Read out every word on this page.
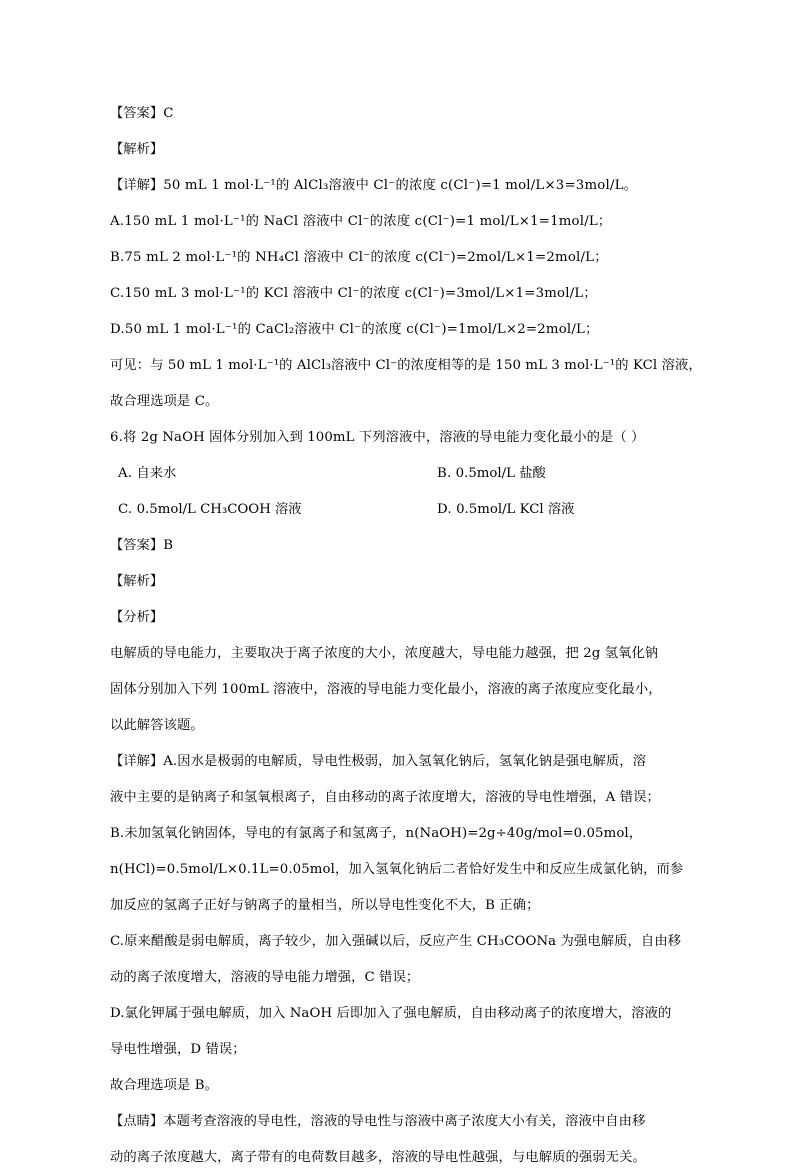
【答案】C
【解析】
【详解】50 mL 1 mol·L⁻¹的 AlCl₃溶液中 Cl⁻的浓度 c(Cl⁻)=1 mol/L×3=3mol/L。
A.150 mL 1 mol·L⁻¹的 NaCl 溶液中 Cl⁻的浓度 c(Cl⁻)=1 mol/L×1=1mol/L；
B.75 mL 2 mol·L⁻¹的 NH₄Cl 溶液中 Cl⁻的浓度 c(Cl⁻)=2mol/L×1=2mol/L；
C.150 mL 3 mol·L⁻¹的 KCl 溶液中 Cl⁻的浓度 c(Cl⁻)=3mol/L×1=3mol/L；
D.50 mL 1 mol·L⁻¹的 CaCl₂溶液中 Cl⁻的浓度 c(Cl⁻)=1mol/L×2=2mol/L；
可见：与 50 mL 1 mol·L⁻¹的 AlCl₃溶液中 Cl⁻的浓度相等的是 150 mL 3 mol·L⁻¹的 KCl 溶液，
故合理选项是 C。
6.将 2g NaOH 固体分别加入到 100mL 下列溶液中，溶液的导电能力变化最小的是（ ）
A. 自来水	B. 0.5mol/L 盐酸
C. 0.5mol/L CH₃COOH 溶液	D. 0.5mol/L KCl 溶液
【答案】B
【解析】
【分析】
电解质的导电能力，主要取决于离子浓度的大小，浓度越大，导电能力越强，把 2g 氢氧化钠
固体分别加入下列 100mL 溶液中，溶液的导电能力变化最小，溶液的离子浓度应变化最小，
以此解答该题。
【详解】A.因水是极弱的电解质，导电性极弱，加入氢氧化钠后，氢氧化钠是强电解质，溶
液中主要的是钠离子和氢氧根离子，自由移动的离子浓度增大，溶液的导电性增强，A 错误；
B.未加氢氧化钠固体，导电的有氯离子和氢离子，n(NaOH)=2g÷40g/mol=0.05mol，
n(HCl)=0.5mol/L×0.1L=0.05mol，加入氢氧化钠后二者恰好发生中和反应生成氯化钠，而参
加反应的氢离子正好与钠离子的量相当，所以导电性变化不大，B 正确；
C.原来醋酸是弱电解质，离子较少，加入强碱以后，反应产生 CH₃COONa 为强电解质，自由移
动的离子浓度增大，溶液的导电能力增强，C 错误；
D.氯化钾属于强电解质，加入 NaOH 后即加入了强电解质，自由移动离子的浓度增大，溶液的
导电性增强，D 错误；
故合理选项是 B。
【点睛】本题考查溶液的导电性，溶液的导电性与溶液中离子浓度大小有关，溶液中自由移
动的离子浓度越大，离子带有的电荷数目越多，溶液的导电性越强，与电解质的强弱无关。
